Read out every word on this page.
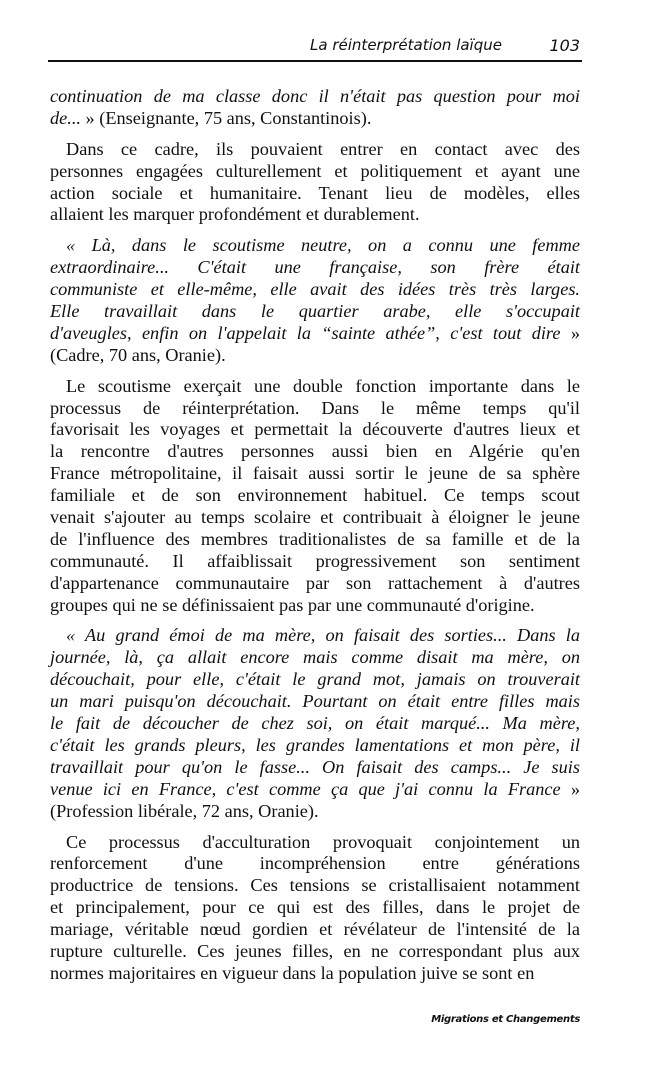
La réinterprétation laïque	103
continuation de ma classe donc il n'était pas question pour moi
de... » (Enseignante, 75 ans, Constantinois).
Dans ce cadre, ils pouvaient entrer en contact avec des
personnes engagées culturellement et politiquement et ayant une
action sociale et humanitaire. Tenant lieu de modèles, elles
allaient les marquer profondément et durablement.
« Là, dans le scoutisme neutre, on a connu une femme
extraordinaire... C'était une française, son frère était
communiste et elle-même, elle avait des idées très très larges.
Elle travaillait dans le quartier arabe, elle s'occupait
d'aveugles, enfin on l'appelait la “sainte athée”, c'est tout dire »
(Cadre, 70 ans, Oranie).
Le scoutisme exerçait une double fonction importante dans le
processus de réinterprétation. Dans le même temps qu'il
favorisait les voyages et permettait la découverte d'autres lieux et
la rencontre d'autres personnes aussi bien en Algérie qu'en
France métropolitaine, il faisait aussi sortir le jeune de sa sphère
familiale et de son environnement habituel. Ce temps scout
venait s'ajouter au temps scolaire et contribuait à éloigner le jeune
de l'influence des membres traditionalistes de sa famille et de la
communauté. Il affaiblissait progressivement son sentiment
d'appartenance communautaire par son rattachement à d'autres
groupes qui ne se définissaient pas par une communauté d'origine.
« Au grand émoi de ma mère, on faisait des sorties... Dans la
journée, là, ça allait encore mais comme disait ma mère, on
découchait, pour elle, c'était le grand mot, jamais on trouverait
un mari puisqu'on découchait. Pourtant on était entre filles mais
le fait de découcher de chez soi, on était marqué... Ma mère,
c'était les grands pleurs, les grandes lamentations et mon père, il
travaillait pour qu'on le fasse... On faisait des camps... Je suis
venue ici en France, c'est comme ça que j'ai connu la France »
(Profession libérale, 72 ans, Oranie).
Ce processus d'acculturation provoquait conjointement un
renforcement d'une incompréhension entre générations
productrice de tensions. Ces tensions se cristallisaient notamment
et principalement, pour ce qui est des filles, dans le projet de
mariage, véritable nœud gordien et révélateur de l'intensité de la
rupture culturelle. Ces jeunes filles, en ne correspondant plus aux
normes majoritaires en vigueur dans la population juive se sont en
Migrations et Changements
